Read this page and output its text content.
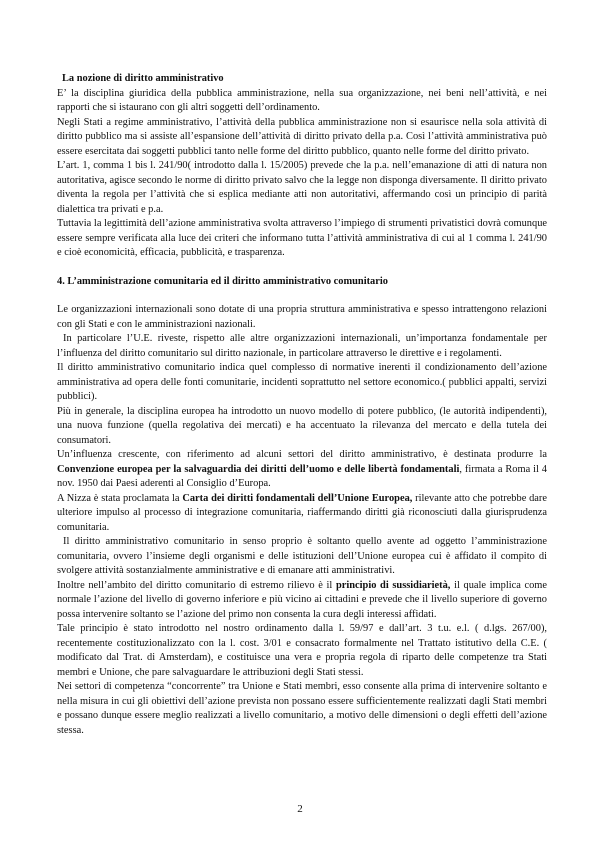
La nozione di diritto amministrativo

E’ la disciplina giuridica della pubblica amministrazione, nella sua organizzazione, nei beni nell’attività, e nei rapporti che si istaurano con gli altri soggetti dell’ordinamento.

Negli Stati a regime amministrativo, l’attività della pubblica amministrazione non si esaurisce nella sola attività di diritto pubblico ma si assiste all’espansione dell’attività di diritto privato della p.a. Così l’attività amministrativa può essere esercitata dai soggetti pubblici tanto nelle forme del diritto pubblico, quanto nelle forme del diritto privato.

L’art. 1, comma 1 bis l. 241/90( introdotto dalla l. 15/2005) prevede che la p.a. nell’emanazione di atti di natura non autoritativa, agisce secondo le norme di diritto privato salvo che la legge non disponga diversamente. Il diritto privato diventa la regola per l’attività che si esplica mediante atti non autoritativi, affermando così un principio di parità dialettica tra privati e p.a.

Tuttavia la legittimità dell’azione amministrativa svolta attraverso l’impiego di strumenti privatistici dovrà comunque essere sempre verificata alla luce dei criteri che informano tutta l’attività amministrativa di cui al 1 comma l. 241/90 e cioè economicità, efficacia, pubblicità, e trasparenza.

4. L’amministrazione comunitaria ed il diritto amministrativo comunitario

Le organizzazioni internazionali sono dotate di una propria struttura amministrativa e spesso intrattengono relazioni con gli Stati e con le amministrazioni nazionali.

In particolare l’U.E. riveste, rispetto alle altre organizzazioni internazionali, un’importanza fondamentale per l’influenza del diritto comunitario sul diritto nazionale, in particolare attraverso le direttive e i regolamenti.

Il diritto amministrativo comunitario indica quel complesso di normative inerenti il condizionamento dell’azione amministrativa ad opera delle fonti comunitarie, incidenti soprattutto nel settore economico.( pubblici appalti, servizi pubblici).

Più in generale, la disciplina europea ha introdotto un nuovo modello di potere pubblico, (le autorità indipendenti), una nuova funzione (quella regolativa dei mercati) e ha accentuato la rilevanza del mercato e della tutela dei consumatori.

Un’influenza crescente, con riferimento ad alcuni settori del diritto amministrativo, è destinata produrre la Convenzione europea per la salvaguardia dei diritti dell’uomo e delle libertà fondamentali, firmata a Roma il 4 nov. 1950 dai Paesi aderenti al Consiglio d’Europa.

A Nizza è stata proclamata la Carta dei diritti fondamentali dell’Unione Europea, rilevante atto che potrebbe dare ulteriore impulso al processo di integrazione comunitaria, riaffermando diritti già riconosciuti dalla giurisprudenza comunitaria.

Il diritto amministrativo comunitario in senso proprio è soltanto quello avente ad oggetto l’amministrazione comunitaria, ovvero l’insieme degli organismi e delle istituzioni dell’Unione europea cui è affidato il compito di svolgere attività sostanzialmente amministrative e di emanare atti amministrativi.

Inoltre nell’ambito del diritto comunitario di estremo rilievo è il principio di sussidiarietà, il quale implica come normale l’azione del livello di governo inferiore e più vicino ai cittadini e prevede che il livello superiore di governo possa intervenire soltanto se l’azione del primo non consenta la cura degli interessi affidati.

Tale principio è stato introdotto nel nostro ordinamento dalla l. 59/97 e dall’art. 3 t.u. e.l. ( d.lgs. 267/00), recentemente costituzionalizzato con la l. cost. 3/01 e consacrato formalmente nel Trattato istitutivo della C.E. ( modificato dal Trat. di Amsterdam), e costituisce una vera e propria regola di riparto delle competenze tra Stati membri e Unione, che pare salvaguardare le attribuzioni degli Stati stessi.

Nei settori di competenza “concorrente” tra Unione e Stati membri, esso consente alla prima di intervenire soltanto e nella misura in cui gli obiettivi dell’azione prevista non possano essere sufficientemente realizzati dagli Stati membri e possano dunque essere meglio realizzati a livello comunitario, a motivo delle dimensioni o degli effetti dell’azione stessa.

2
